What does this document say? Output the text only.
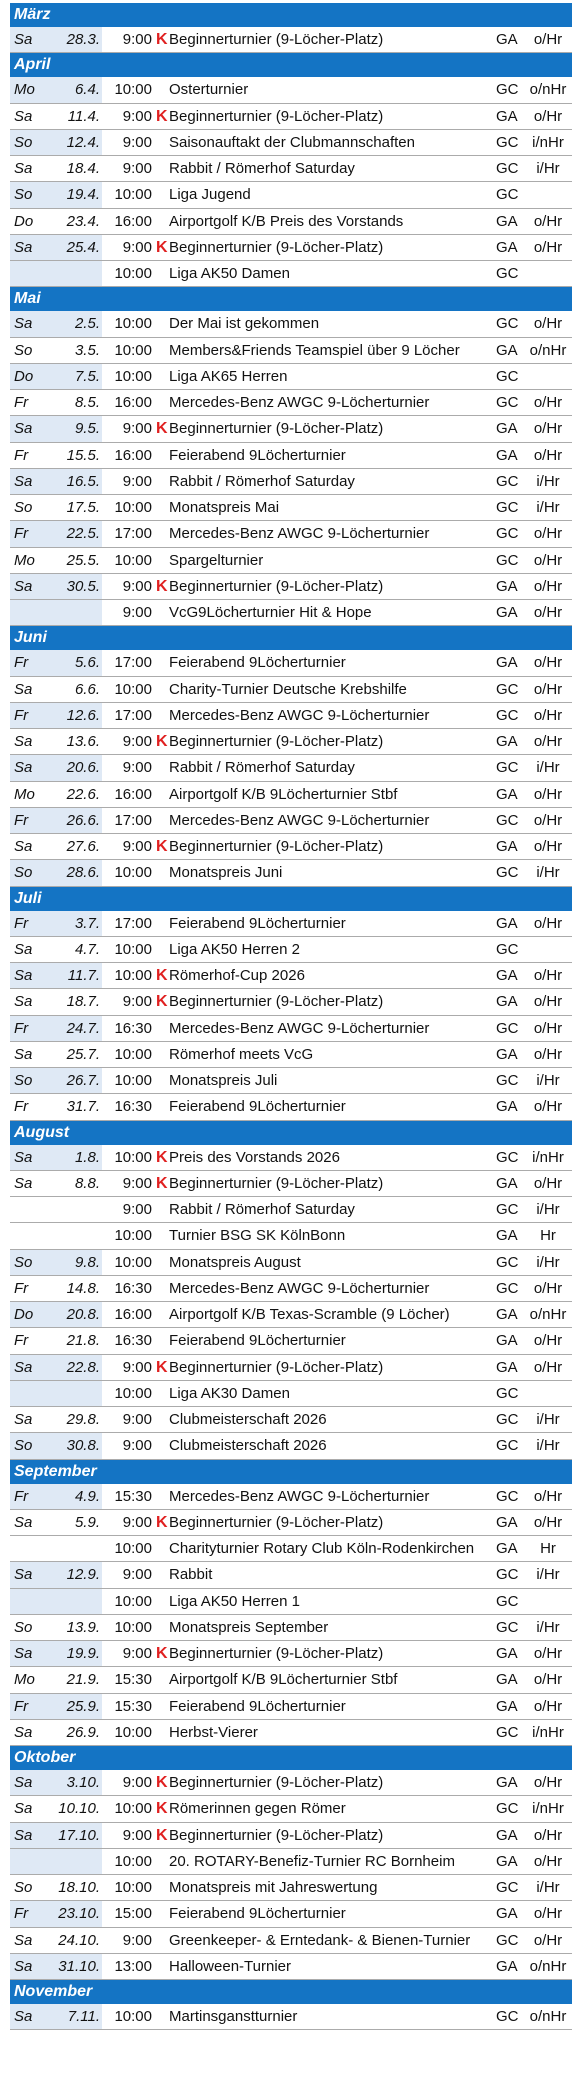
März
Sa	28.3.	9:00 K Beginnerturnier (9-Löcher-Platz)	GA	o/Hr
April
Mo	6.4. 10:00 Osterturnier	GC o/nHr
Sa	11.4.	9:00 K Beginnerturnier (9-Löcher-Platz)	GA	o/Hr
So	12.4.	9:00 Saisonauftakt der Clubmannschaften	GC i/nHr
Sa	18.4.	9:00 Rabbit / Römerhof Saturday	GC	i/Hr
So	19.4. 10:00 Liga Jugend	GC
Do	23.4. 16:00 Airportgolf K/B Preis des Vorstands	GA	o/Hr
Sa	25.4.	9:00 K Beginnerturnier (9-Löcher-Platz)	GA	o/Hr
10:00 Liga AK50 Damen	GC
Mai
Sa	2.5. 10:00 Der Mai ist gekommen	GC	o/Hr
So	3.5. 10:00 Members&Friends Teamspiel über 9 Löcher	GA o/nHr
Do	7.5. 10:00 Liga AK65 Herren	GC
Fr	8.5. 16:00 Mercedes-Benz AWGC 9-Löcherturnier	GC	o/Hr
Sa	9.5.	9:00 K Beginnerturnier (9-Löcher-Platz)	GA	o/Hr
Fr	15.5. 16:00 Feierabend 9Löcherturnier	GA	o/Hr
Sa	16.5.	9:00 Rabbit / Römerhof Saturday	GC	i/Hr
So	17.5. 10:00 Monatspreis Mai	GC	i/Hr
Fr	22.5. 17:00 Mercedes-Benz AWGC 9-Löcherturnier	GC	o/Hr
Mo	25.5. 10:00 Spargelturnier	GC	o/Hr
Sa	30.5.	9:00 K Beginnerturnier (9-Löcher-Platz)	GA	o/Hr
9:00 VcG9Löcherturnier Hit & Hope	GA	o/Hr
Juni
Fr	5.6. 17:00 Feierabend 9Löcherturnier	GA	o/Hr
Sa	6.6. 10:00 Charity-Turnier Deutsche Krebshilfe	GC	o/Hr
Fr	12.6. 17:00 Mercedes-Benz AWGC 9-Löcherturnier	GC	o/Hr
Sa	13.6.	9:00 K Beginnerturnier (9-Löcher-Platz)	GA	o/Hr
Sa	20.6.	9:00 Rabbit / Römerhof Saturday	GC	i/Hr
Mo	22.6. 16:00 Airportgolf K/B 9Löcherturnier Stbf	GA	o/Hr
Fr	26.6. 17:00 Mercedes-Benz AWGC 9-Löcherturnier	GC	o/Hr
Sa	27.6.	9:00 K Beginnerturnier (9-Löcher-Platz)	GA	o/Hr
So	28.6. 10:00 Monatspreis Juni	GC	i/Hr
Juli
Fr	3.7. 17:00 Feierabend 9Löcherturnier	GA	o/Hr
Sa	4.7. 10:00 Liga AK50 Herren 2	GC
Sa	11.7. 10:00 K Römerhof-Cup 2026	GA	o/Hr
Sa	18.7.	9:00 K Beginnerturnier (9-Löcher-Platz)	GA	o/Hr
Fr	24.7. 16:30 Mercedes-Benz AWGC 9-Löcherturnier	GC	o/Hr
Sa	25.7. 10:00 Römerhof meets VcG	GA	o/Hr
So	26.7. 10:00 Monatspreis Juli	GC	i/Hr
Fr	31.7. 16:30 Feierabend 9Löcherturnier	GA	o/Hr
August
Sa	1.8. 10:00 K Preis des Vorstands 2026	GC i/nHr
Sa	8.8.	9:00 K Beginnerturnier (9-Löcher-Platz)	GA	o/Hr
9:00 Rabbit / Römerhof Saturday	GC	i/Hr
10:00 Turnier BSG SK KölnBonn	GA	Hr
So	9.8. 10:00 Monatspreis August	GC	i/Hr
Fr	14.8. 16:30 Mercedes-Benz AWGC 9-Löcherturnier	GC	o/Hr
Do	20.8. 16:00 Airportgolf K/B Texas-Scramble (9 Löcher)	GA o/nHr
Fr	21.8. 16:30 Feierabend 9Löcherturnier	GA	o/Hr
Sa	22.8.	9:00 K Beginnerturnier (9-Löcher-Platz)	GA	o/Hr
10:00 Liga AK30 Damen	GC
Sa	29.8.	9:00 Clubmeisterschaft 2026	GC	i/Hr
So	30.8.	9:00 Clubmeisterschaft 2026	GC	i/Hr
September
Fr	4.9. 15:30 Mercedes-Benz AWGC 9-Löcherturnier	GC	o/Hr
Sa	5.9.	9:00 K Beginnerturnier (9-Löcher-Platz)	GA	o/Hr
10:00 Charityturnier Rotary Club Köln-Rodenkirchen	GA	Hr
Sa	12.9.	9:00 Rabbit	GC	i/Hr
10:00 Liga AK50 Herren 1	GC
So	13.9. 10:00 Monatspreis September	GC	i/Hr
Sa	19.9.	9:00 K Beginnerturnier (9-Löcher-Platz)	GA	o/Hr
Mo	21.9. 15:30 Airportgolf K/B 9Löcherturnier Stbf	GA	o/Hr
Fr	25.9. 15:30 Feierabend 9Löcherturnier	GA	o/Hr
Sa	26.9. 10:00 Herbst-Vierer	GC i/nHr
Oktober
Sa	3.10.	9:00 K Beginnerturnier (9-Löcher-Platz)	GA	o/Hr
Sa	10.10. 10:00 K Römerinnen gegen Römer	GC i/nHr
Sa	17.10.	9:00 K Beginnerturnier (9-Löcher-Platz)	GA	o/Hr
10:00 20. ROTARY-Benefiz-Turnier RC Bornheim	GA	o/Hr
So	18.10. 10:00 Monatspreis mit Jahreswertung	GC	i/Hr
Fr	23.10. 15:00 Feierabend 9Löcherturnier	GA	o/Hr
Sa	24.10.	9:00 Greenkeeper- & Erntedank- & Bienen-Turnier	GC	o/Hr
Sa	31.10. 13:00 Halloween-Turnier	GA o/nHr
November
Sa	7.11. 10:00 Martinsganstturnier	GC o/nHr
